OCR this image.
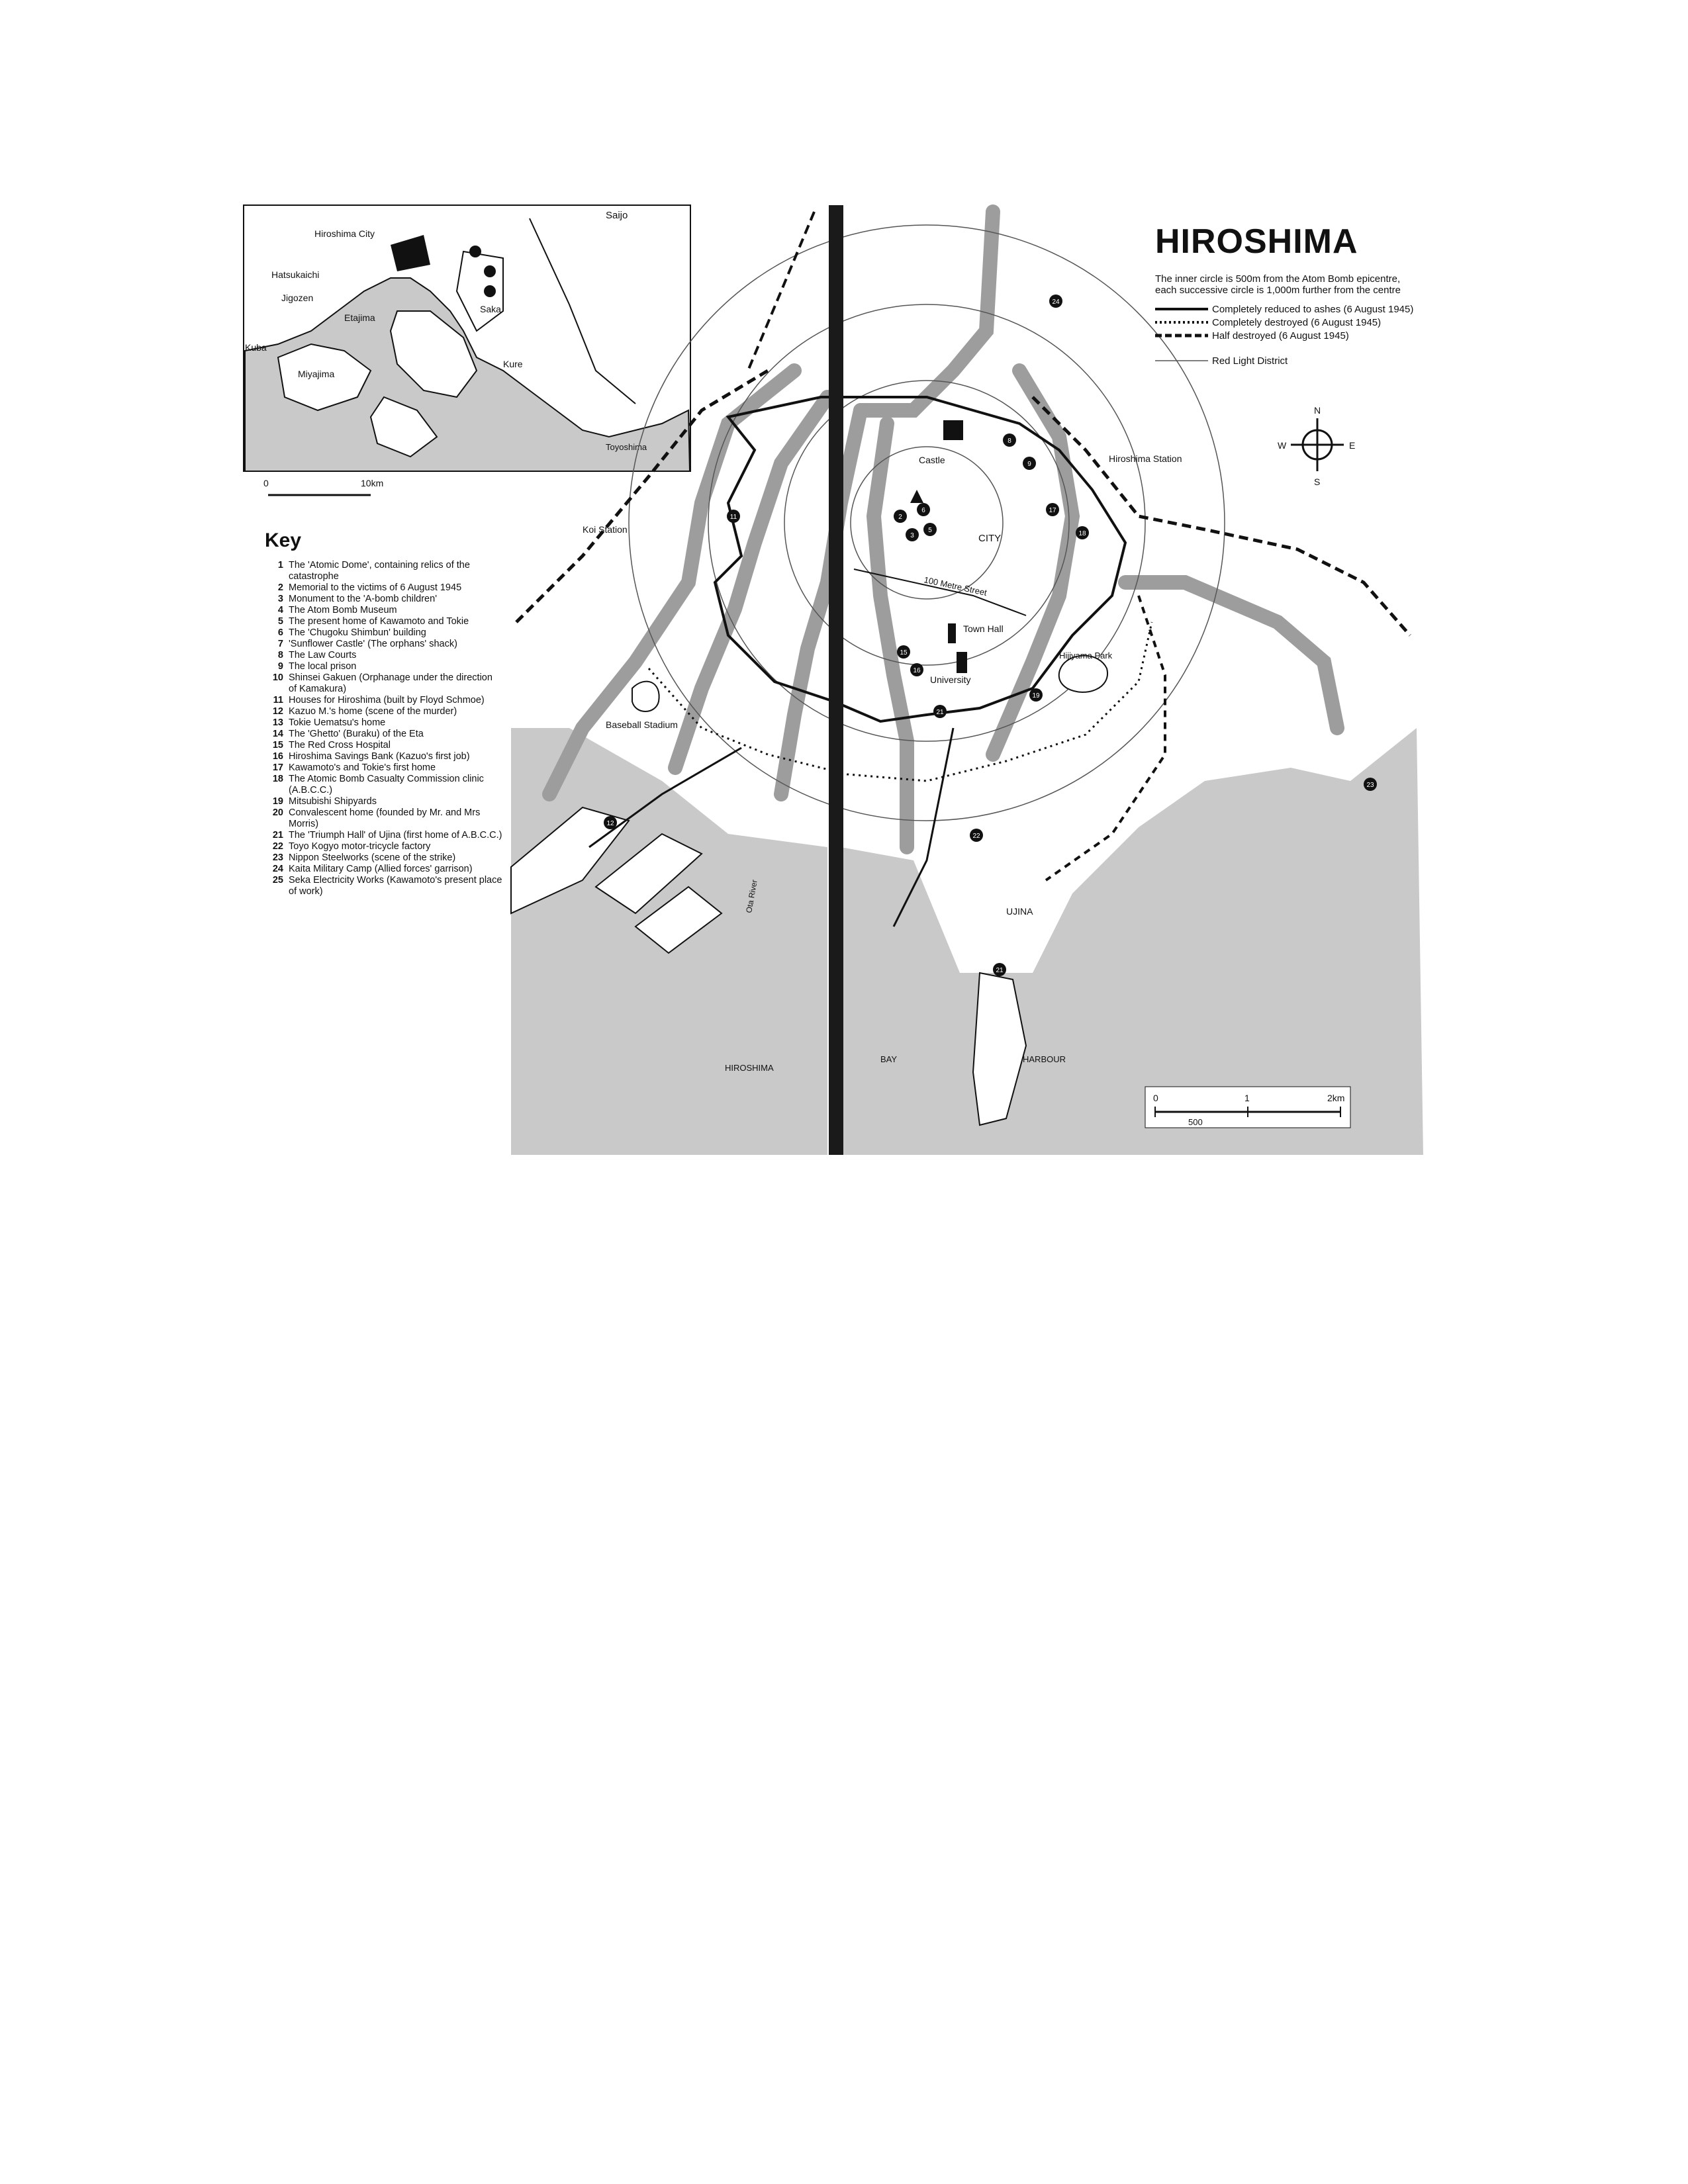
Saijo
Hiroshima City
Hatsukaichi
Jigozen
Etajima
Saka
Kuba
Miyajima
Kure
Toyoshima
0	10km
8
9
15
16
17
18
19
11
12
21
21
23
2
3
5
6
24
22
Koi Station
Castle
CITY
Hiroshima Station
100 Metre Street
Town Hall
University
Hijiyama Park
Baseball Stadium
UJINA
HIROSHIMA
BAY	HARBOUR
Ota River
N
S
E
W
0	1	2km
500
HIROSHIMA

The inner circle is 500m from the Atom Bomb epicentre, each successive circle is 1,000m further from the centre

Completely reduced to ashes (6 August 1945)
Completely destroyed (6 August 1945)
Half destroyed (6 August 1945)
Red Light District
Key
1 The 'Atomic Dome', containing relics of the catastrophe
2 Memorial to the victims of 6 August 1945
3 Monument to the 'A-bomb children'
4 The Atom Bomb Museum
5 The present home of Kawamoto and Tokie
6 The 'Chugoku Shimbun' building
7 'Sunflower Castle' (The orphans' shack)
8 The Law Courts
9 The local prison
10 Shinsei Gakuen (Orphanage under the direction of Kamakura)
11 Houses for Hiroshima (built by Floyd Schmoe)
12 Kazuo M.'s home (scene of the murder)
13 Tokie Uematsu's home
14 The 'Ghetto' (Buraku) of the Eta
15 The Red Cross Hospital
16 Hiroshima Savings Bank (Kazuo's first job)
17 Kawamoto's and Tokie's first home
18 The Atomic Bomb Casualty Commission clinic (A.B.C.C.)
19 Mitsubishi Shipyards
20 Convalescent home (founded by Mr. and Mrs Morris)
21 The 'Triumph Hall' of Ujina (first home of A.B.C.C.)
22 Toyo Kogyo motor-tricycle factory
23 Nippon Steelworks (scene of the strike)
24 Kaita Military Camp (Allied forces' garrison)
25 Seka Electricity Works (Kawamoto's present place of work)
